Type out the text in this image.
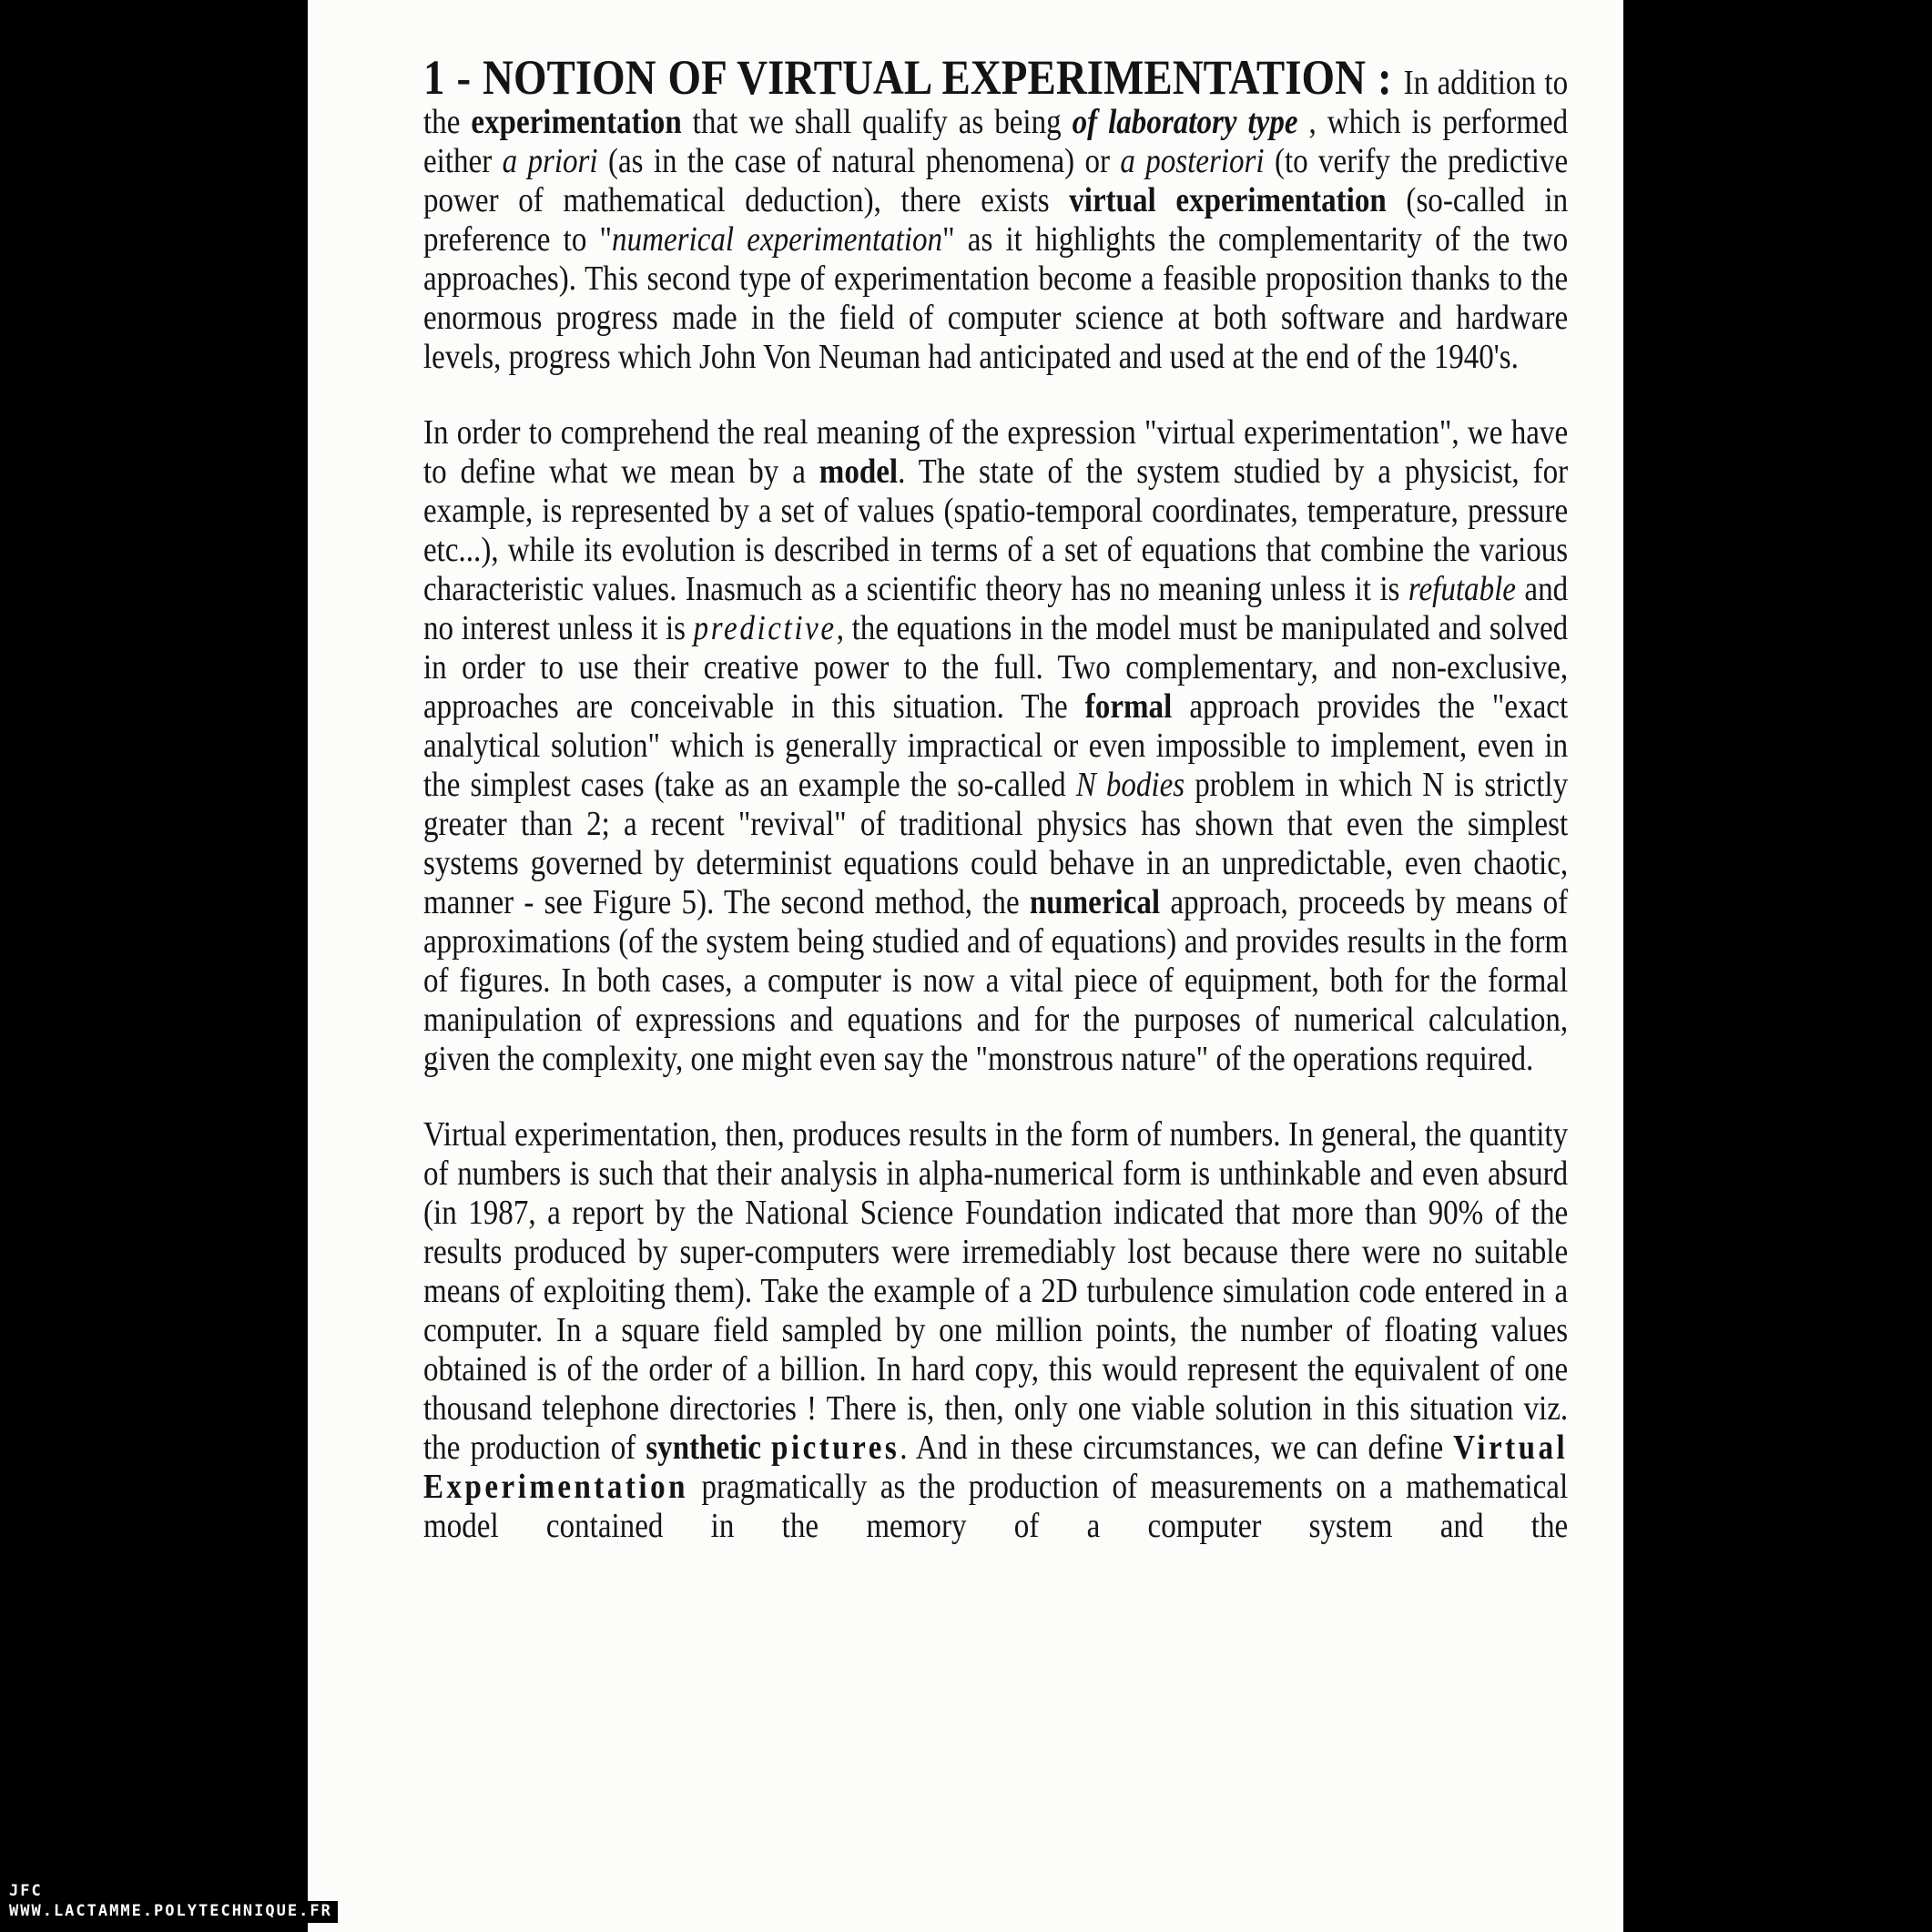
1 - NOTION OF VIRTUAL EXPERIMENTATION : In addition to the experimentation that we shall qualify as being of laboratory type , which is performed either a priori (as in the case of natural phenomena) or a posteriori (to verify the predictive power of mathematical deduction), there exists virtual experimentation (so-called in preference to "numerical experimentation" as it highlights the complementarity of the two approaches). This second type of experimentation become a feasible proposition thanks to the enormous progress made in the field of computer science at both software and hardware levels, progress which John Von Neuman had anticipated and used at the end of the 1940's.

In order to comprehend the real meaning of the expression "virtual experimentation", we have to define what we mean by a model. The state of the system studied by a physicist, for example, is represented by a set of values (spatio-temporal coordinates, temperature, pressure etc...), while its evolution is described in terms of a set of equations that combine the various characteristic values. Inasmuch as a scientific theory has no meaning unless it is refutable and no interest unless it is predictive, the equations in the model must be manipulated and solved in order to use their creative power to the full. Two complementary, and non-exclusive, approaches are conceivable in this situation. The formal approach provides the "exact analytical solution" which is generally impractical or even impossible to implement, even in the simplest cases (take as an example the so-called N bodies problem in which N is strictly greater than 2; a recent "revival" of traditional physics has shown that even the simplest systems governed by determinist equations could behave in an unpredictable, even chaotic, manner - see Figure 5). The second method, the numerical approach, proceeds by means of approximations (of the system being studied and of equations) and provides results in the form of figures. In both cases, a computer is now a vital piece of equipment, both for the formal manipulation of expressions and equations and for the purposes of numerical calculation, given the complexity, one might even say the "monstrous nature" of the operations required.

Virtual experimentation, then, produces results in the form of numbers. In general, the quantity of numbers is such that their analysis in alpha-numerical form is unthinkable and even absurd (in 1987, a report by the National Science Foundation indicated that more than 90% of the results produced by super-computers were irremediably lost because there were no suitable means of exploiting them). Take the example of a 2D turbulence simulation code entered in a computer. In a square field sampled by one million points, the number of floating values obtained is of the order of a billion. In hard copy, this would represent the equivalent of one thousand telephone directories ! There is, then, only one viable solution in this situation viz. the production of synthetic pictures. And in these circumstances, we can define Virtual Experimentation pragmatically as the production of measurements on a mathematical model contained in the memory of a computer system and the

JFC
WWW.LACTAMME.POLYTECHNIQUE.FR
